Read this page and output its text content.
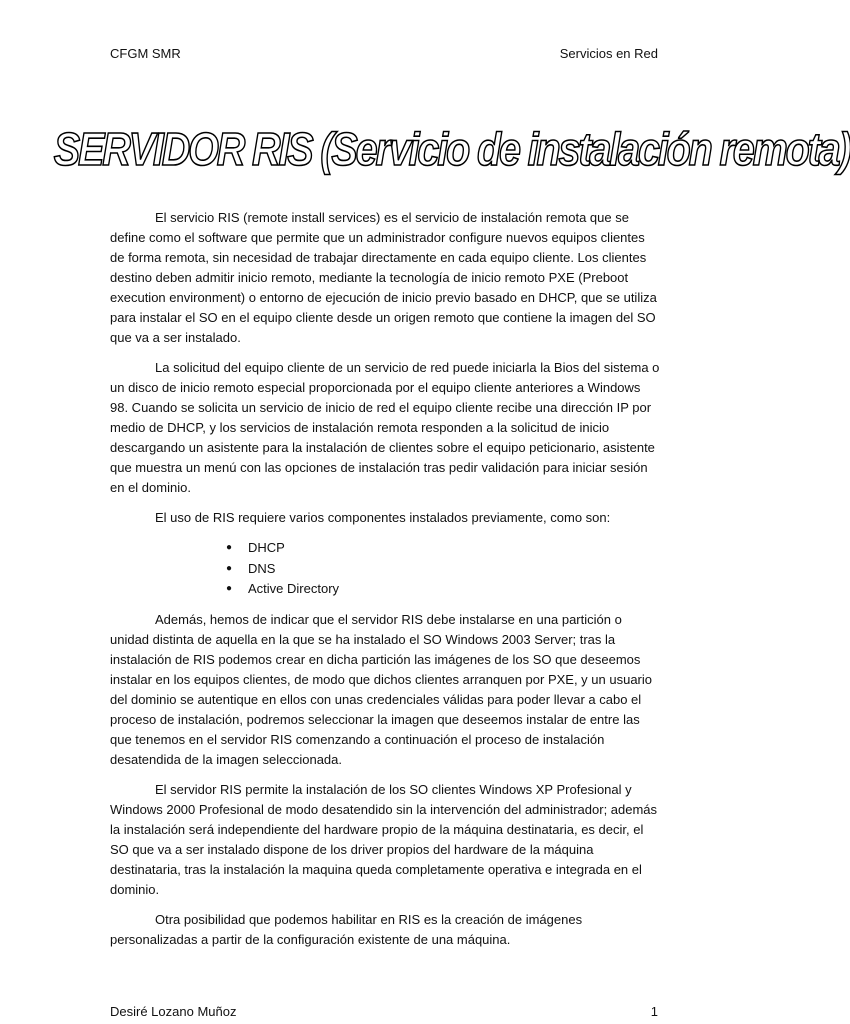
CFGM SMR	Servicios en Red
SERVIDOR RIS (Servicio de instalación remota)

El servicio RIS (remote install services) es el servicio de instalación remota que se define como el software que permite que un administrador configure nuevos equipos clientes de forma remota, sin necesidad de trabajar directamente en cada equipo cliente. Los clientes destino deben admitir inicio remoto, mediante la tecnología de inicio remoto PXE (Preboot execution environment) o entorno de ejecución de inicio previo basado en DHCP, que se utiliza para instalar el SO en el equipo cliente desde un origen remoto que contiene la imagen del SO que va a ser instalado.

La solicitud del equipo cliente de un servicio de red puede iniciarla la Bios del sistema o un disco de inicio remoto especial proporcionada por el equipo cliente anteriores a Windows 98. Cuando se solicita un servicio de inicio de red el equipo cliente recibe una dirección IP por medio de DHCP, y los servicios de instalación remota responden a la solicitud de inicio descargando un asistente para la instalación de clientes sobre el equipo peticionario, asistente que muestra un menú con las opciones de instalación tras pedir validación para iniciar sesión en el dominio.

El uso de RIS requiere varios componentes instalados previamente, como son:

● DHCP
● DNS
● Active Directory

Además, hemos de indicar que el servidor RIS debe instalarse en una partición o unidad distinta de aquella en la que se ha instalado el SO Windows 2003 Server; tras la instalación de RIS podemos crear en dicha partición las imágenes de los SO que deseemos instalar en los equipos clientes, de modo que dichos clientes arranquen por PXE, y un usuario del dominio se autentique en ellos con unas credenciales válidas para poder llevar a cabo el proceso de instalación, podremos seleccionar la imagen que deseemos instalar de entre las que tenemos en el servidor RIS comenzando a continuación el proceso de instalación desatendida de la imagen seleccionada.

El servidor RIS permite la instalación de los SO clientes Windows XP Profesional y Windows 2000 Profesional de modo desatendido sin la intervención del administrador; además la instalación será independiente del hardware propio de la máquina destinataria, es decir, el SO que va a ser instalado dispone de los driver propios del hardware de la máquina destinataria, tras la instalación la maquina queda completamente operativa e integrada en el dominio.

Otra posibilidad que podemos habilitar en RIS es la creación de imágenes personalizadas a partir de la configuración existente de una máquina.

Desiré Lozano Muñoz	1
